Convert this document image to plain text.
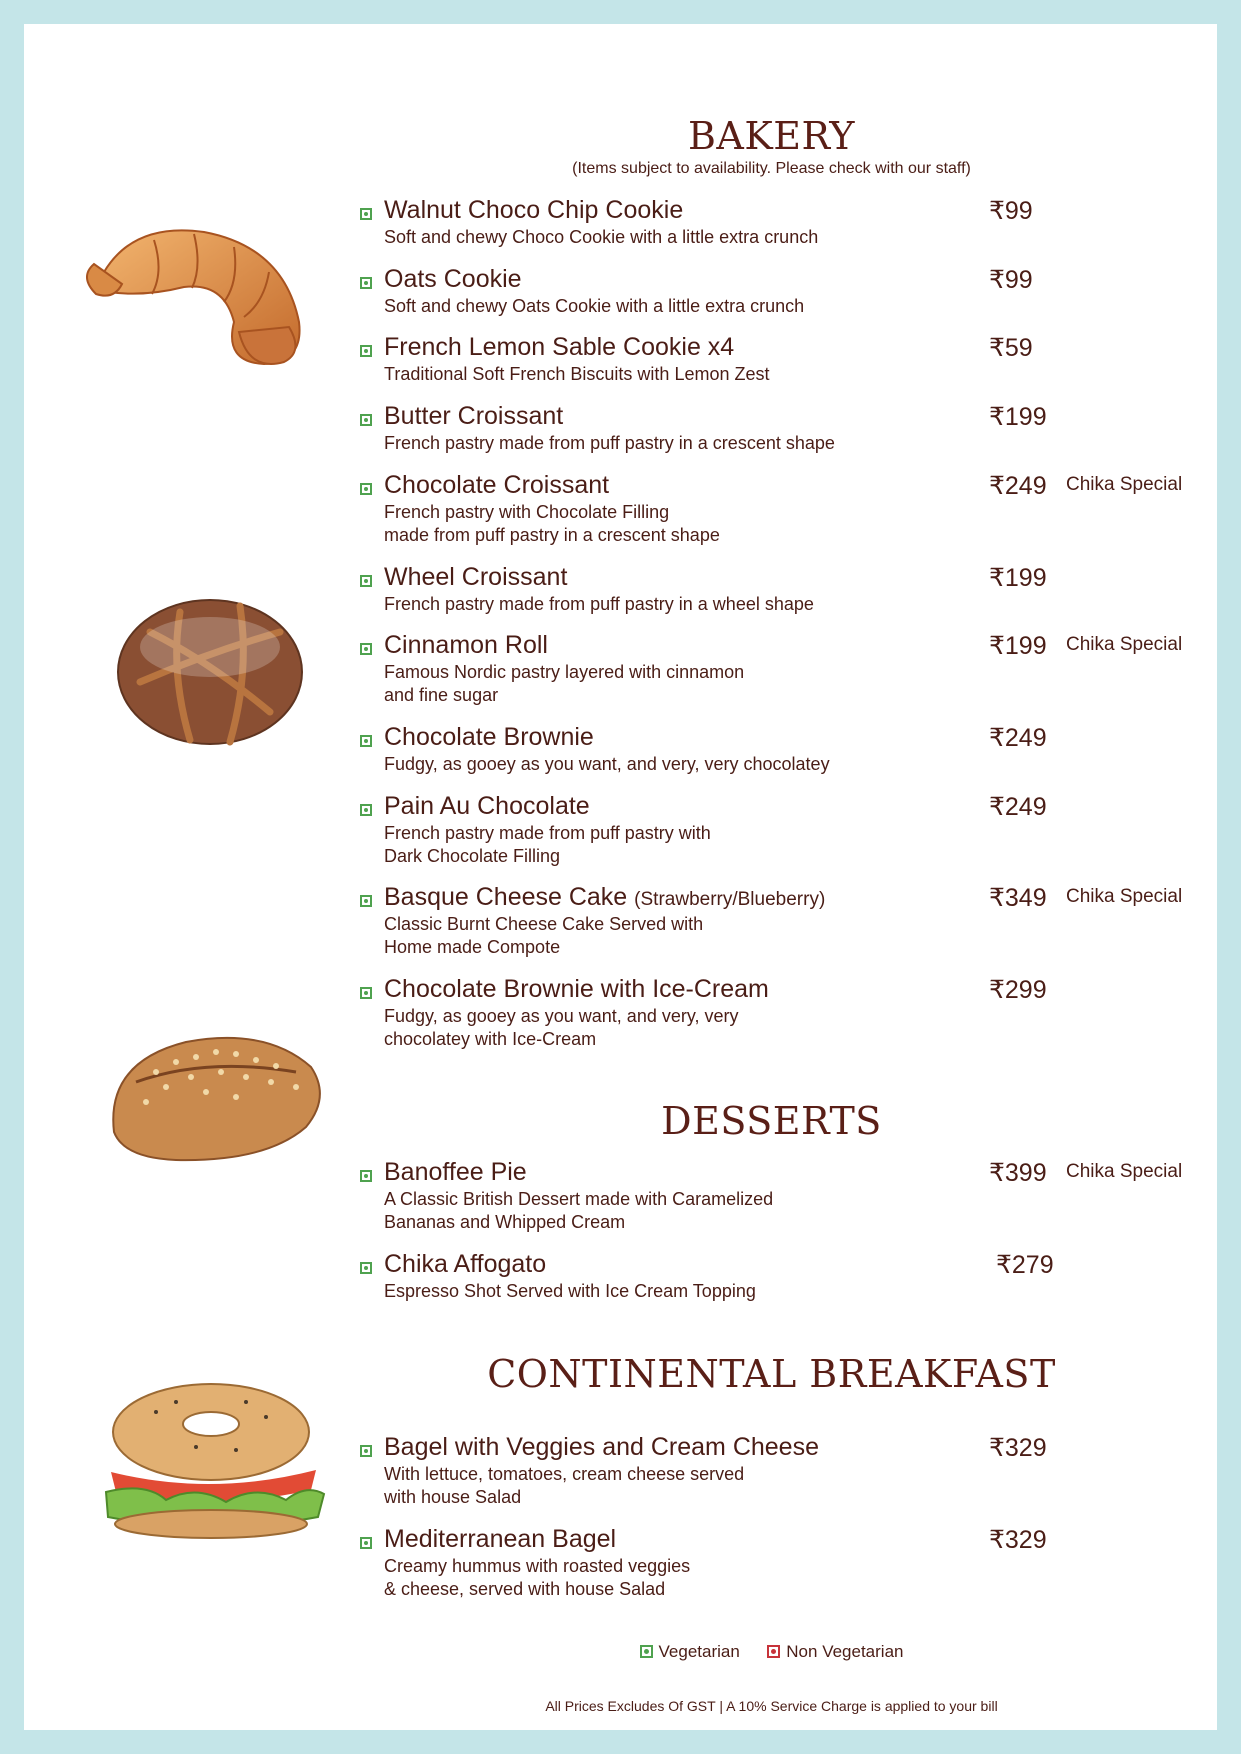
BAKERY
(Items subject to availability. Please check with our staff)
Walnut Choco Chip Cookie
Soft and chewy Choco Cookie with a little extra crunch
₹99
Oats Cookie
Soft and chewy Oats Cookie with a little extra crunch
₹99
French Lemon Sable Cookie x4
Traditional Soft French Biscuits with Lemon Zest
₹59
Butter Croissant
French pastry made from puff pastry in a crescent shape
₹199
Chocolate Croissant
French pastry with Chocolate Filling
made from puff pastry in a crescent shape
₹249 Chika Special
Wheel Croissant
French pastry made from puff pastry in a wheel shape
₹199
Cinnamon Roll
Famous Nordic pastry layered with cinnamon
and fine sugar
₹199 Chika Special
Chocolate Brownie
Fudgy, as gooey as you want, and very, very chocolatey
₹249
Pain Au Chocolate
French pastry made from puff pastry with
Dark Chocolate Filling
₹249
Basque Cheese Cake (Strawberry/Blueberry)
Classic Burnt Cheese Cake Served with
Home made Compote
₹349 Chika Special
Chocolate Brownie with Ice-Cream
Fudgy, as gooey as you want, and very, very
chocolatey with Ice-Cream
₹299
DESSERTS
Banoffee Pie
A Classic British Dessert made with Caramelized
Bananas and Whipped Cream
₹399 Chika Special
Chika Affogato
Espresso Shot Served with Ice Cream Topping
₹279
CONTINENTAL BREAKFAST
Bagel with Veggies and Cream Cheese
With lettuce, tomatoes, cream cheese served
with house Salad
₹329
Mediterranean Bagel
Creamy hummus with roasted veggies
& cheese, served with house Salad
₹329
Vegetarian	Non Vegetarian
All Prices Excludes Of GST | A 10% Service Charge is applied to your bill
